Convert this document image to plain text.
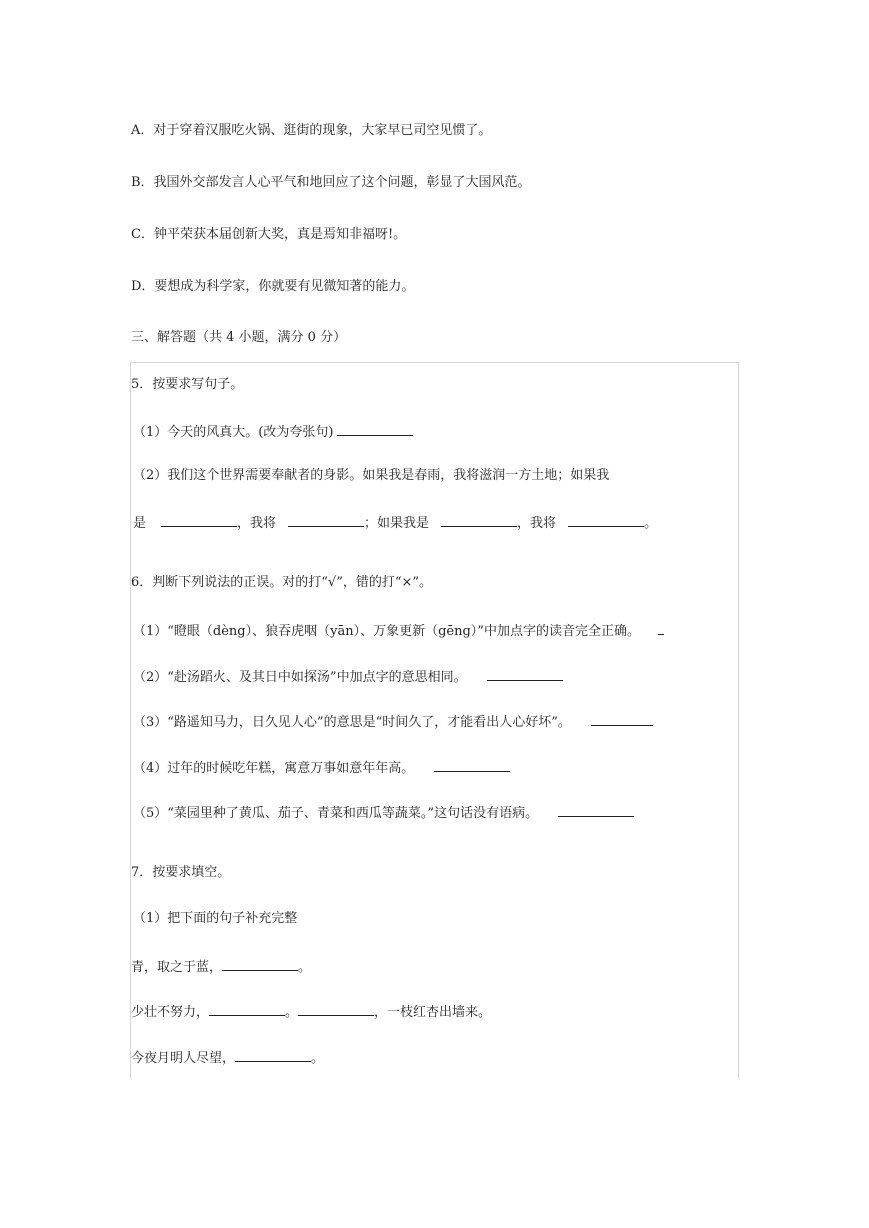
A．对于穿着汉服吃火锅、逛街的现象，大家早已司空见惯了。
B．我国外交部发言人心平气和地回应了这个问题，彰显了大国风范。
C．钟平荣获本届创新大奖，真是焉知非福呀!。
D．要想成为科学家，你就要有见微知著的能力。
三、解答题（共 4 小题，满分 0 分）
5．按要求写句子。
（1）今天的风真大。(改为夸张句)
（2）我们这个世界需要奉献者的身影。如果我是春雨，我将滋润一方土地；如果我
是	，我将	；如果我是	，我将	。
6．判断下列说法的正误。对的打“√”，错的打“×”。
（1）“瞪眼（dèng）、狼吞虎咽（yān）、万象更新（gēng）”中加点字的读音完全正确。
（2）“赴汤蹈火、及其日中如探汤”中加点字的意思相同。
（3）“路遥知马力，日久见人心”的意思是“时间久了，才能看出人心好坏”。
（4）过年的时候吃年糕，寓意万事如意年年高。
（5）“菜园里种了黄瓜、茄子、青菜和西瓜等蔬菜。”这句话没有语病。
7．按要求填空。
（1）把下面的句子补充完整
青，取之于蓝，	。
少壮不努力，	。	，一枝红杏出墙来。
今夜月明人尽望，	。
